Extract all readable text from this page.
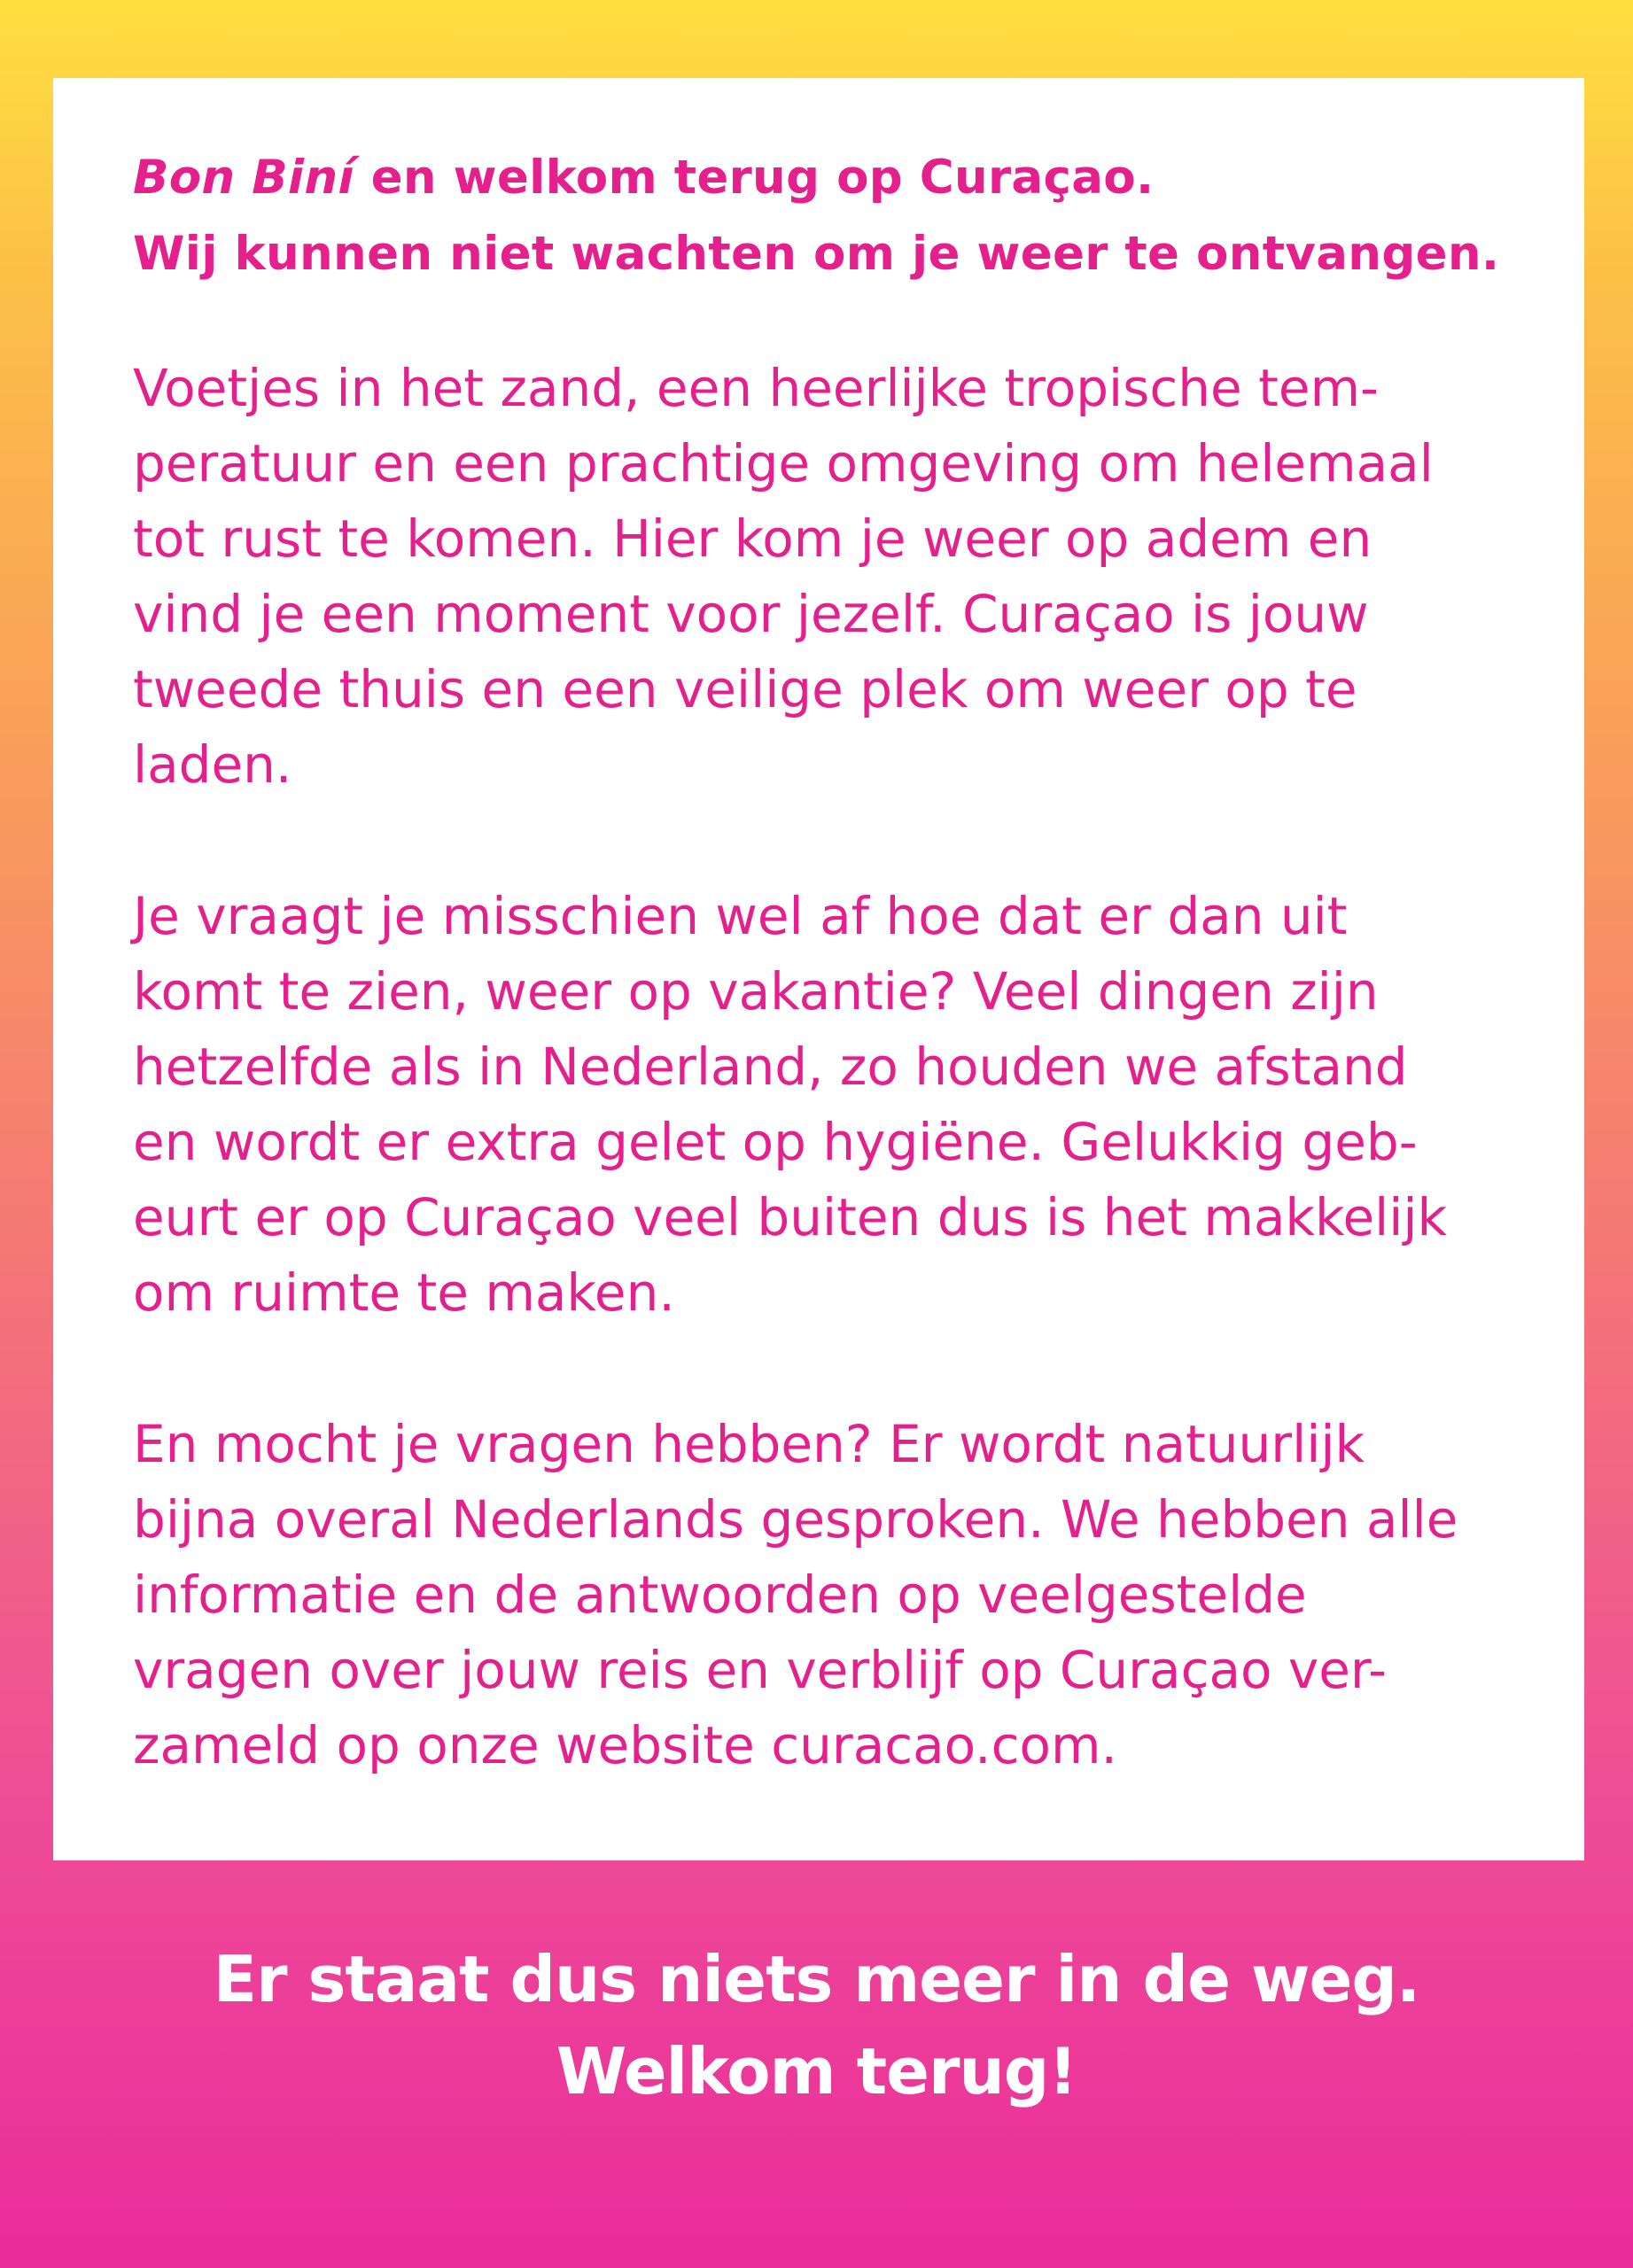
Bon Biní en welkom terug op Curaçao.
Wij kunnen niet wachten om je weer te ontvangen.

Voetjes in het zand, een heerlijke tropische tem-
peratuur en een prachtige omgeving om helemaal
tot rust te komen. Hier kom je weer op adem en
vind je een moment voor jezelf. Curaçao is jouw
tweede thuis en een veilige plek om weer op te
laden.

Je vraagt je misschien wel af hoe dat er dan uit
komt te zien, weer op vakantie? Veel dingen zijn
hetzelfde als in Nederland, zo houden we afstand
en wordt er extra gelet op hygiëne. Gelukkig geb-
eurt er op Curaçao veel buiten dus is het makkelijk
om ruimte te maken.

En mocht je vragen hebben? Er wordt natuurlijk
bijna overal Nederlands gesproken. We hebben alle
informatie en de antwoorden op veelgestelde
vragen over jouw reis en verblijf op Curaçao ver-
zameld op onze website curacao.com.

Er staat dus niets meer in de weg.
Welkom terug!
